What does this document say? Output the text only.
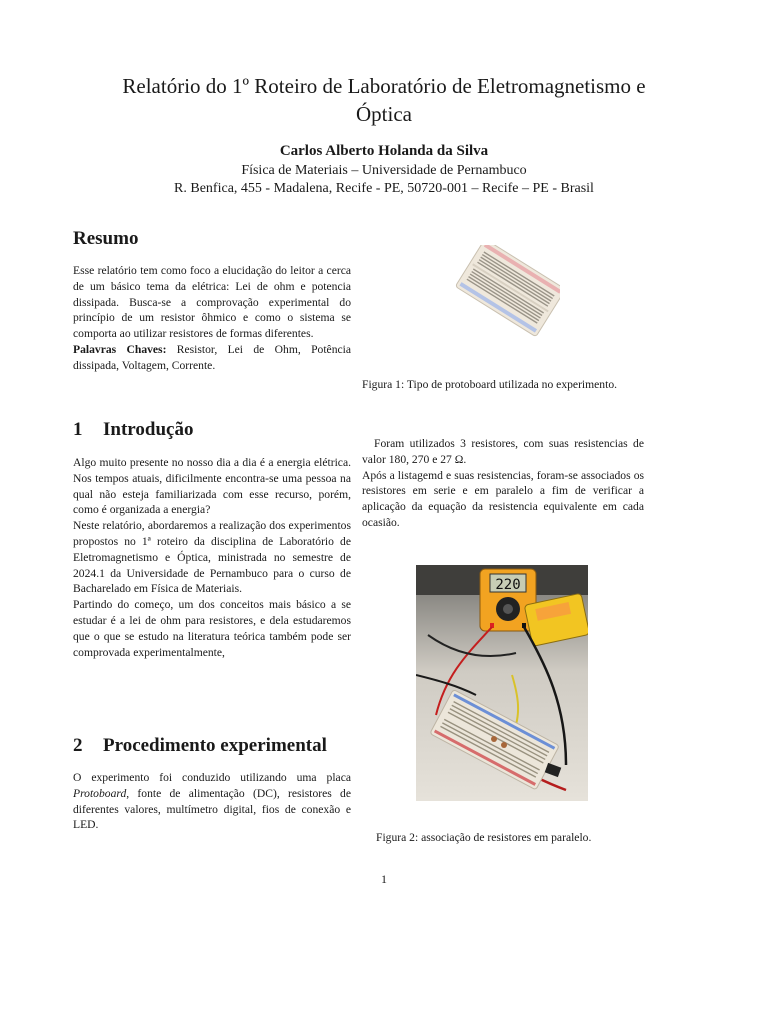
Relatório do 1º Roteiro de Laboratório de Eletromagnetismo e
Óptica
Carlos Alberto Holanda da Silva
Física de Materiais – Universidade de Pernambuco
R. Benfica, 455 - Madalena, Recife - PE, 50720-001 – Recife – PE - Brasil
Resumo

Esse relatório tem como foco a elucidação do leitor a cerca de um básico tema da elétrica: Lei de ohm e potencia dissipada. Busca-se a comprovação experimental do princípio de um resistor ôhmico e como o sistema se comporta ao utilizar resistores de formas diferentes.

Palavras Chaves: Resistor, Lei de Ohm, Potência dissipada, Voltagem, Corrente.

1 Introdução

Algo muito presente no nosso dia a dia é a energia elétrica. Nos tempos atuais, dificilmente encontra-se uma pessoa na qual não esteja familiarizada com esse recurso, porém, como é organizada a energia?

Neste relatório, abordaremos a realização dos experimentos propostos no 1ª roteiro da disciplina de Laboratório de Eletromagnetismo e Óptica, ministrada no semestre de 2024.1 da Universidade de Pernambuco para o curso de Bacharelado em Física de Materiais.

Partindo do começo, um dos conceitos mais básico a se estudar é a lei de ohm para resistores, e dela estudaremos que o que se estudo na literatura teórica também pode ser comprovada experimentalmente,

2 Procedimento experimental

O experimento foi conduzido utilizando uma placa Protoboard, fonte de alimentação (DC), resistores de diferentes valores, multímetro digital, fios de conexão e LED.

Figura 1: Tipo de protoboard utilizada no experimento.

Foram utilizados 3 resistores, com suas resistencias de valor 180, 270 e 27 Ω.

Após a listagemd e suas resistencias, foram-se associados os resistores em serie e em paralelo a fim de verificar a aplicação da equação da resistencia equivalente em cada ocasião.

220
Figura 2: associação de resistores em paralelo.
1
